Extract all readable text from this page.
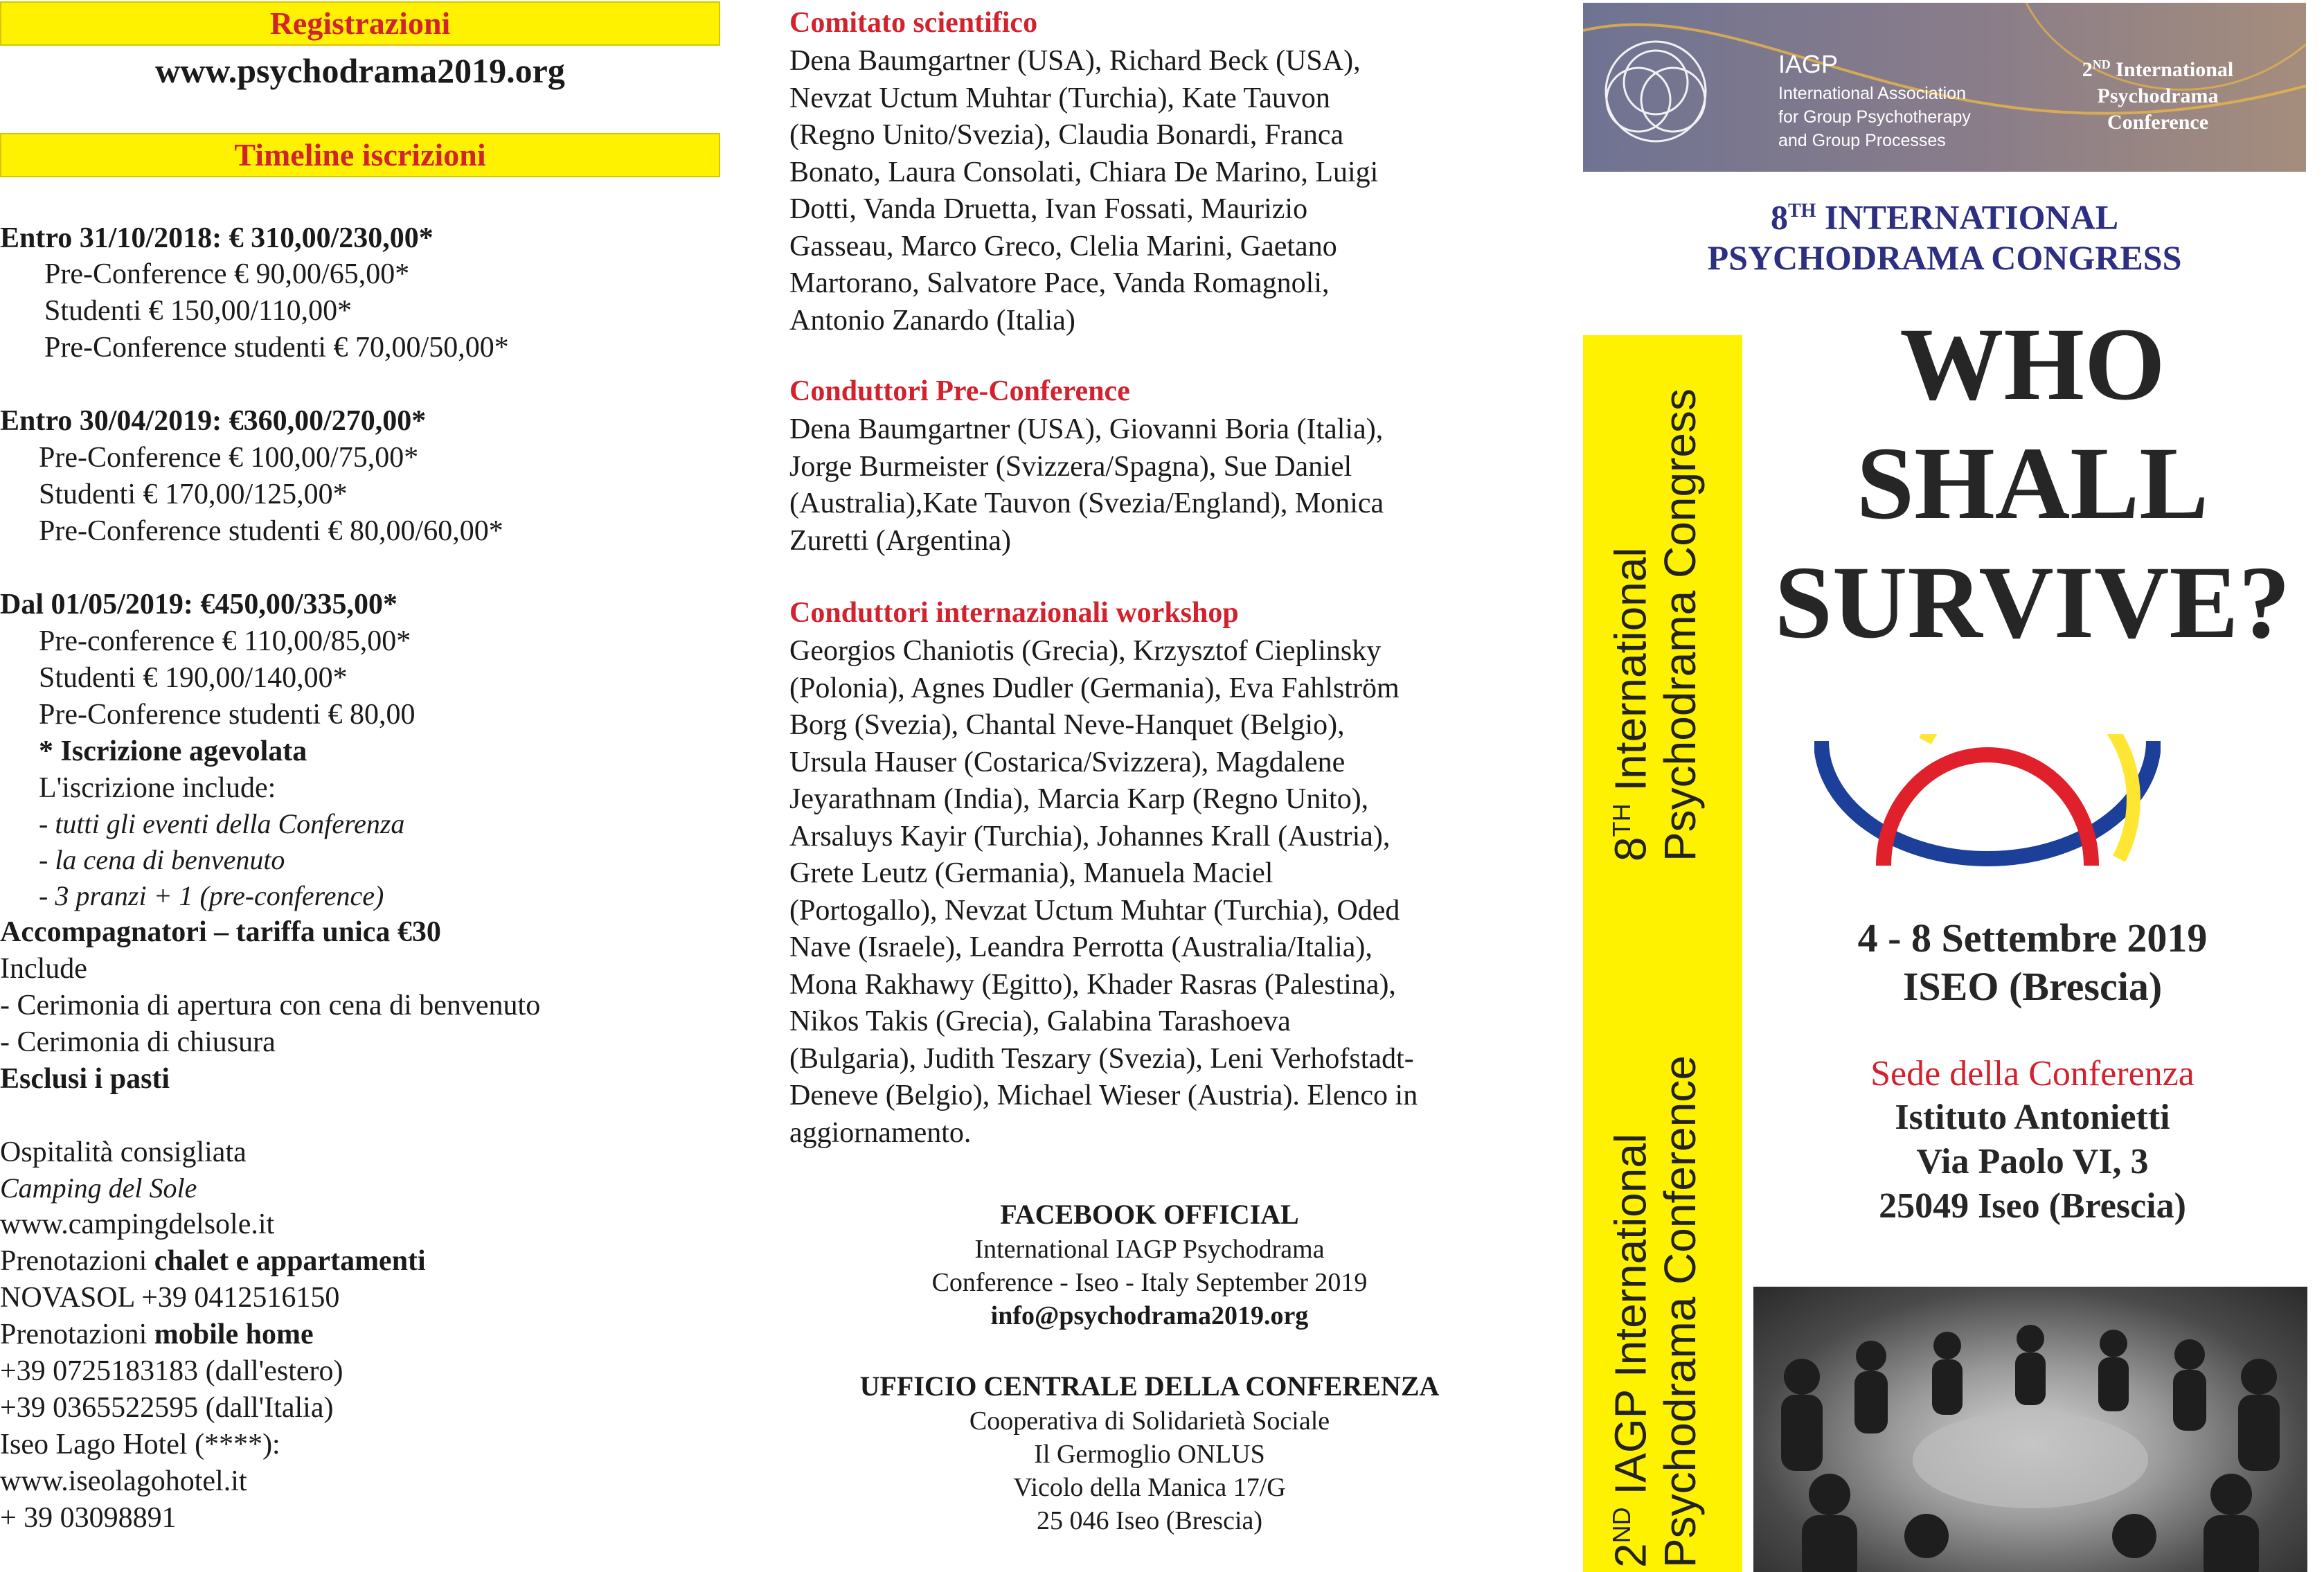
Registrazioni
www.psychodrama2019.org
Timeline iscrizioni
Entro 31/10/2018: € 310,00/230,00*
Pre-Conference € 90,00/65,00*
Studenti € 150,00/110,00*
Pre-Conference studenti € 70,00/50,00*
Entro 30/04/2019: €360,00/270,00*
Pre-Conference € 100,00/75,00*
Studenti € 170,00/125,00*
Pre-Conference studenti € 80,00/60,00*
Dal 01/05/2019: €450,00/335,00*
Pre-conference € 110,00/85,00*
Studenti € 190,00/140,00*
Pre-Conference studenti € 80,00
* Iscrizione agevolata
L'iscrizione include:
- tutti gli eventi della Conferenza
- la cena di benvenuto
- 3 pranzi + 1 (pre-conference)
Accompagnatori – tariffa unica €30
Include
- Cerimonia di apertura con cena di benvenuto
- Cerimonia di chiusura
Esclusi i pasti
Ospitalità consigliata
Camping del Sole
www.campingdelsole.it
Prenotazioni chalet e appartamenti
NOVASOL +39 0412516150
Prenotazioni mobile home
+39 0725183183 (dall'estero)
+39 0365522595 (dall'Italia)
Iseo Lago Hotel (****):
www.iseolagohotel.it
+ 39 03098891
Comitato scientifico
Dena Baumgartner (USA), Richard Beck (USA),
Nevzat Uctum Muhtar (Turchia), Kate Tauvon
(Regno Unito/Svezia), Claudia Bonardi, Franca
Bonato, Laura Consolati, Chiara De Marino, Luigi
Dotti, Vanda Druetta, Ivan Fossati, Maurizio
Gasseau, Marco Greco, Clelia Marini, Gaetano
Martorano, Salvatore Pace, Vanda Romagnoli,
Antonio Zanardo (Italia)
Conduttori Pre-Conference
Dena Baumgartner (USA), Giovanni Boria (Italia),
Jorge Burmeister (Svizzera/Spagna), Sue Daniel
(Australia),Kate Tauvon (Svezia/England), Monica
Zuretti (Argentina)
Conduttori internazionali workshop
Georgios Chaniotis (Grecia), Krzysztof Cieplinsky
(Polonia), Agnes Dudler (Germania), Eva Fahlström
Borg (Svezia), Chantal Neve-Hanquet (Belgio),
Ursula Hauser (Costarica/Svizzera), Magdalene
Jeyarathnam (India), Marcia Karp (Regno Unito),
Arsaluys Kayir (Turchia), Johannes Krall (Austria),
Grete Leutz (Germania), Manuela Maciel
(Portogallo), Nevzat Uctum Muhtar (Turchia), Oded
Nave (Israele), Leandra Perrotta (Australia/Italia),
Mona Rakhawy (Egitto), Khader Rasras (Palestina),
Nikos Takis (Grecia), Galabina Tarashoeva
(Bulgaria), Judith Teszary (Svezia), Leni Verhofstadt-
Deneve (Belgio), Michael Wieser (Austria). Elenco in
aggiornamento.
FACEBOOK OFFICIAL
International IAGP Psychodrama
Conference - Iseo - Italy September 2019
info@psychodrama2019.org
UFFICIO CENTRALE DELLA CONFERENZA
Cooperativa di Solidarietà Sociale
Il Germoglio ONLUS
Vicolo della Manica 17/G
25 046 Iseo (Brescia)
IAGP
International Association
for Group Psychotherapy
and Group Processes
2ND International
Psychodrama
Conference
8TH INTERNATIONAL
PSYCHODRAMA CONGRESS
8TH International Psychodrama Congress
2ND IAGP International Psychodrama Conference
WHO
SHALL
SURVIVE?
4 - 8 Settembre 2019
ISEO (Brescia)
Sede della Conferenza
Istituto Antonietti
Via Paolo VI, 3
25049 Iseo (Brescia)
